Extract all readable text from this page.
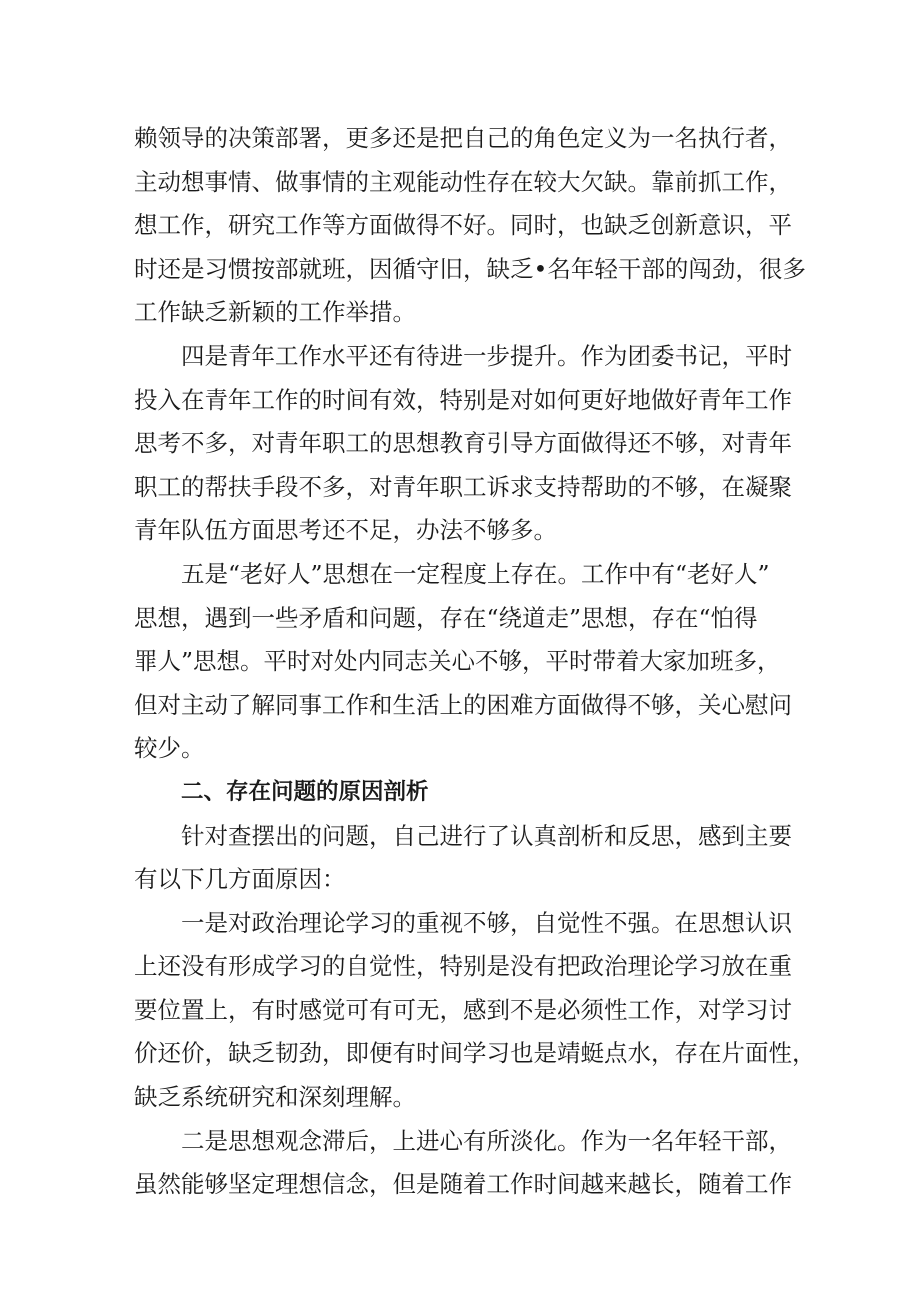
赖领导的决策部署，更多还是把自己的角色定义为一名执行者，
主动想事情、做事情的主观能动性存在较大欠缺。靠前抓工作，
想工作，研究工作等方面做得不好。同时，也缺乏创新意识，平
时还是习惯按部就班，因循守旧，缺乏•名年轻干部的闯劲，很多
工作缺乏新颖的工作举措。
四是青年工作水平还有待进一步提升。作为团委书记，平时
投入在青年工作的时间有效，特别是对如何更好地做好青年工作
思考不多，对青年职工的思想教育引导方面做得还不够，对青年
职工的帮扶手段不多，对青年职工诉求支持帮助的不够，在凝聚
青年队伍方面思考还不足，办法不够多。
五是“老好人”思想在一定程度上存在。工作中有“老好人”
思想，遇到一些矛盾和问题，存在“绕道走”思想，存在“怕得
罪人”思想。平时对处内同志关心不够，平时带着大家加班多，
但对主动了解同事工作和生活上的困难方面做得不够，关心慰问
较少。
二、存在问题的原因剖析
针对查摆出的问题，自己进行了认真剖析和反思，感到主要
有以下几方面原因：
一是对政治理论学习的重视不够，自觉性不强。在思想认识
上还没有形成学习的自觉性，特别是没有把政治理论学习放在重
要位置上，有时感觉可有可无，感到不是必须性工作，对学习讨
价还价，缺乏韧劲，即便有时间学习也是靖蜓点水，存在片面性，
缺乏系统研究和深刻理解。
二是思想观念滞后，上进心有所淡化。作为一名年轻干部，
虽然能够坚定理想信念，但是随着工作时间越来越长，随着工作
